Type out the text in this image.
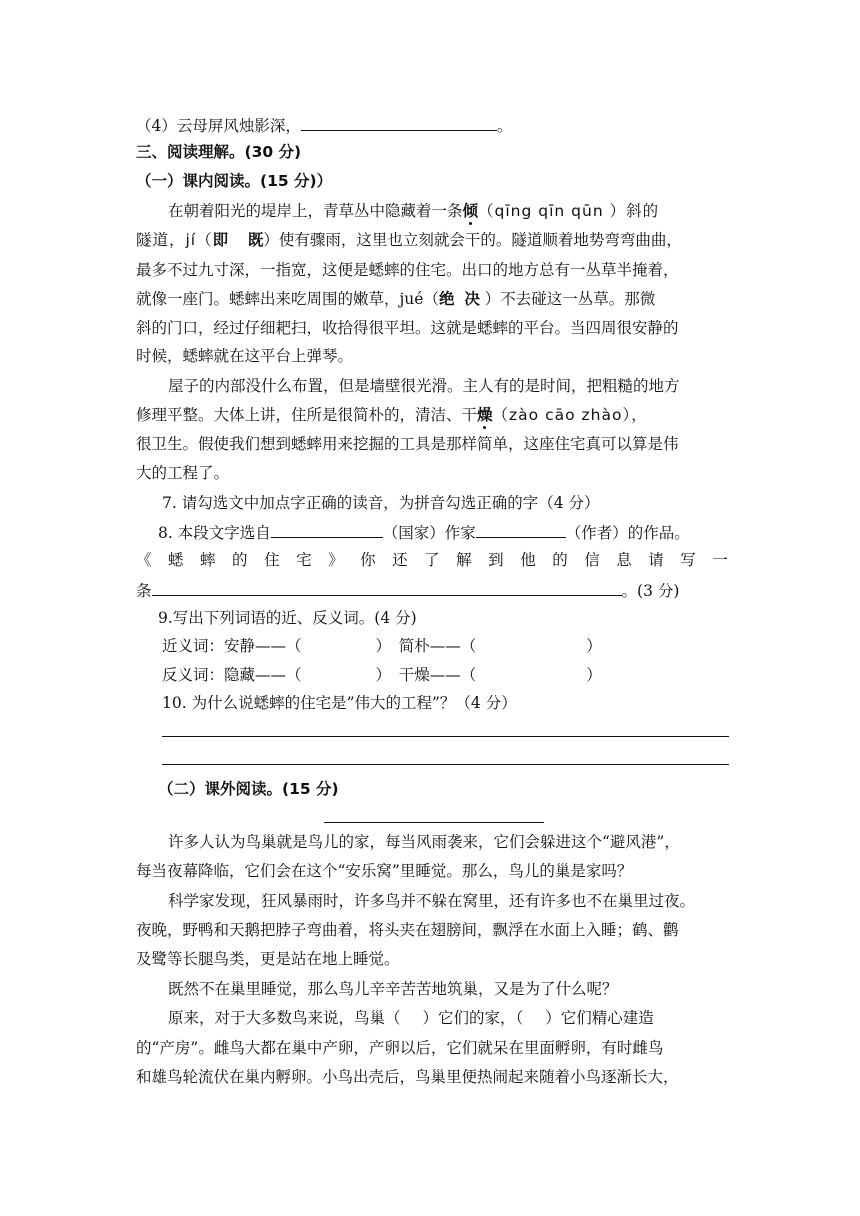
（4）云母屏风烛影深，	。
三、阅读理解。(30 分)
（一）课内阅读。(15 分)）
在朝着阳光的堤岸上，青草丛中隐藏着一条倾（qīng qīn qūn ）斜的
隧道，jí（即 既）使有骤雨，这里也立刻就会干的。隧道顺着地势弯弯曲曲，
最多不过九寸深，一指宽，这便是蟋蟀的住宅。出口的地方总有一丛草半掩着，
就像一座门。蟋蟀出来吃周围的嫩草，jué（绝 决 ）不去碰这一丛草。那微
斜的门口，经过仔细耙扫，收拾得很平坦。这就是蟋蟀的平台。当四周很安静的
时候，蟋蟀就在这平台上弹琴。
屋子的内部没什么布置，但是墙壁很光滑。主人有的是时间，把粗糙的地方
修理平整。大体上讲，住所是很简朴的，清洁、干燥（zào cāo zhào），
很卫生。假使我们想到蟋蟀用来挖掘的工具是那样简单，这座住宅真可以算是伟
大的工程了。
7. 请勾选文中加点字正确的读音，为拼音勾选正确的字（4 分）
8. 本段文字选自	（国家）作家	（作者）的作品。
《 蟋 蟀 的 住 宅 》 你 还 了 解 到 他 的 信 息 请 写 一
条	。(3 分)
9.写出下列词语的近、反义词。(4 分)
近义词：安静——（	）　简朴——（	）
反义词：隐藏——（	）　干燥——（	）
10. 为什么说蟋蟀的住宅是”伟大的工程”？（4 分）
（二）课外阅读。(15 分)
许多人认为鸟巢就是鸟儿的家，每当风雨袭来，它们会躲进这个“避风港”，
每当夜幕降临，它们会在这个“安乐窝”里睡觉。那么，鸟儿的巢是家吗？
科学家发现，狂风暴雨时，许多鸟并不躲在窝里，还有许多也不在巢里过夜。
夜晚，野鸭和天鹅把脖子弯曲着，将头夹在翅膀间，飘浮在水面上入睡；鹤、鹳
及鹭等长腿鸟类，更是站在地上睡觉。
既然不在巢里睡觉，那么鸟儿辛辛苦苦地筑巢，又是为了什么呢？
原来，对于大多数鸟来说，鸟巢（ ）它们的家，（ ）它们精心建造
的“产房”。雌鸟大都在巢中产卵，产卵以后，它们就呆在里面孵卵，有时雌鸟
和雄鸟轮流伏在巢内孵卵。小鸟出壳后，鸟巢里便热闹起来随着小鸟逐渐长大，
